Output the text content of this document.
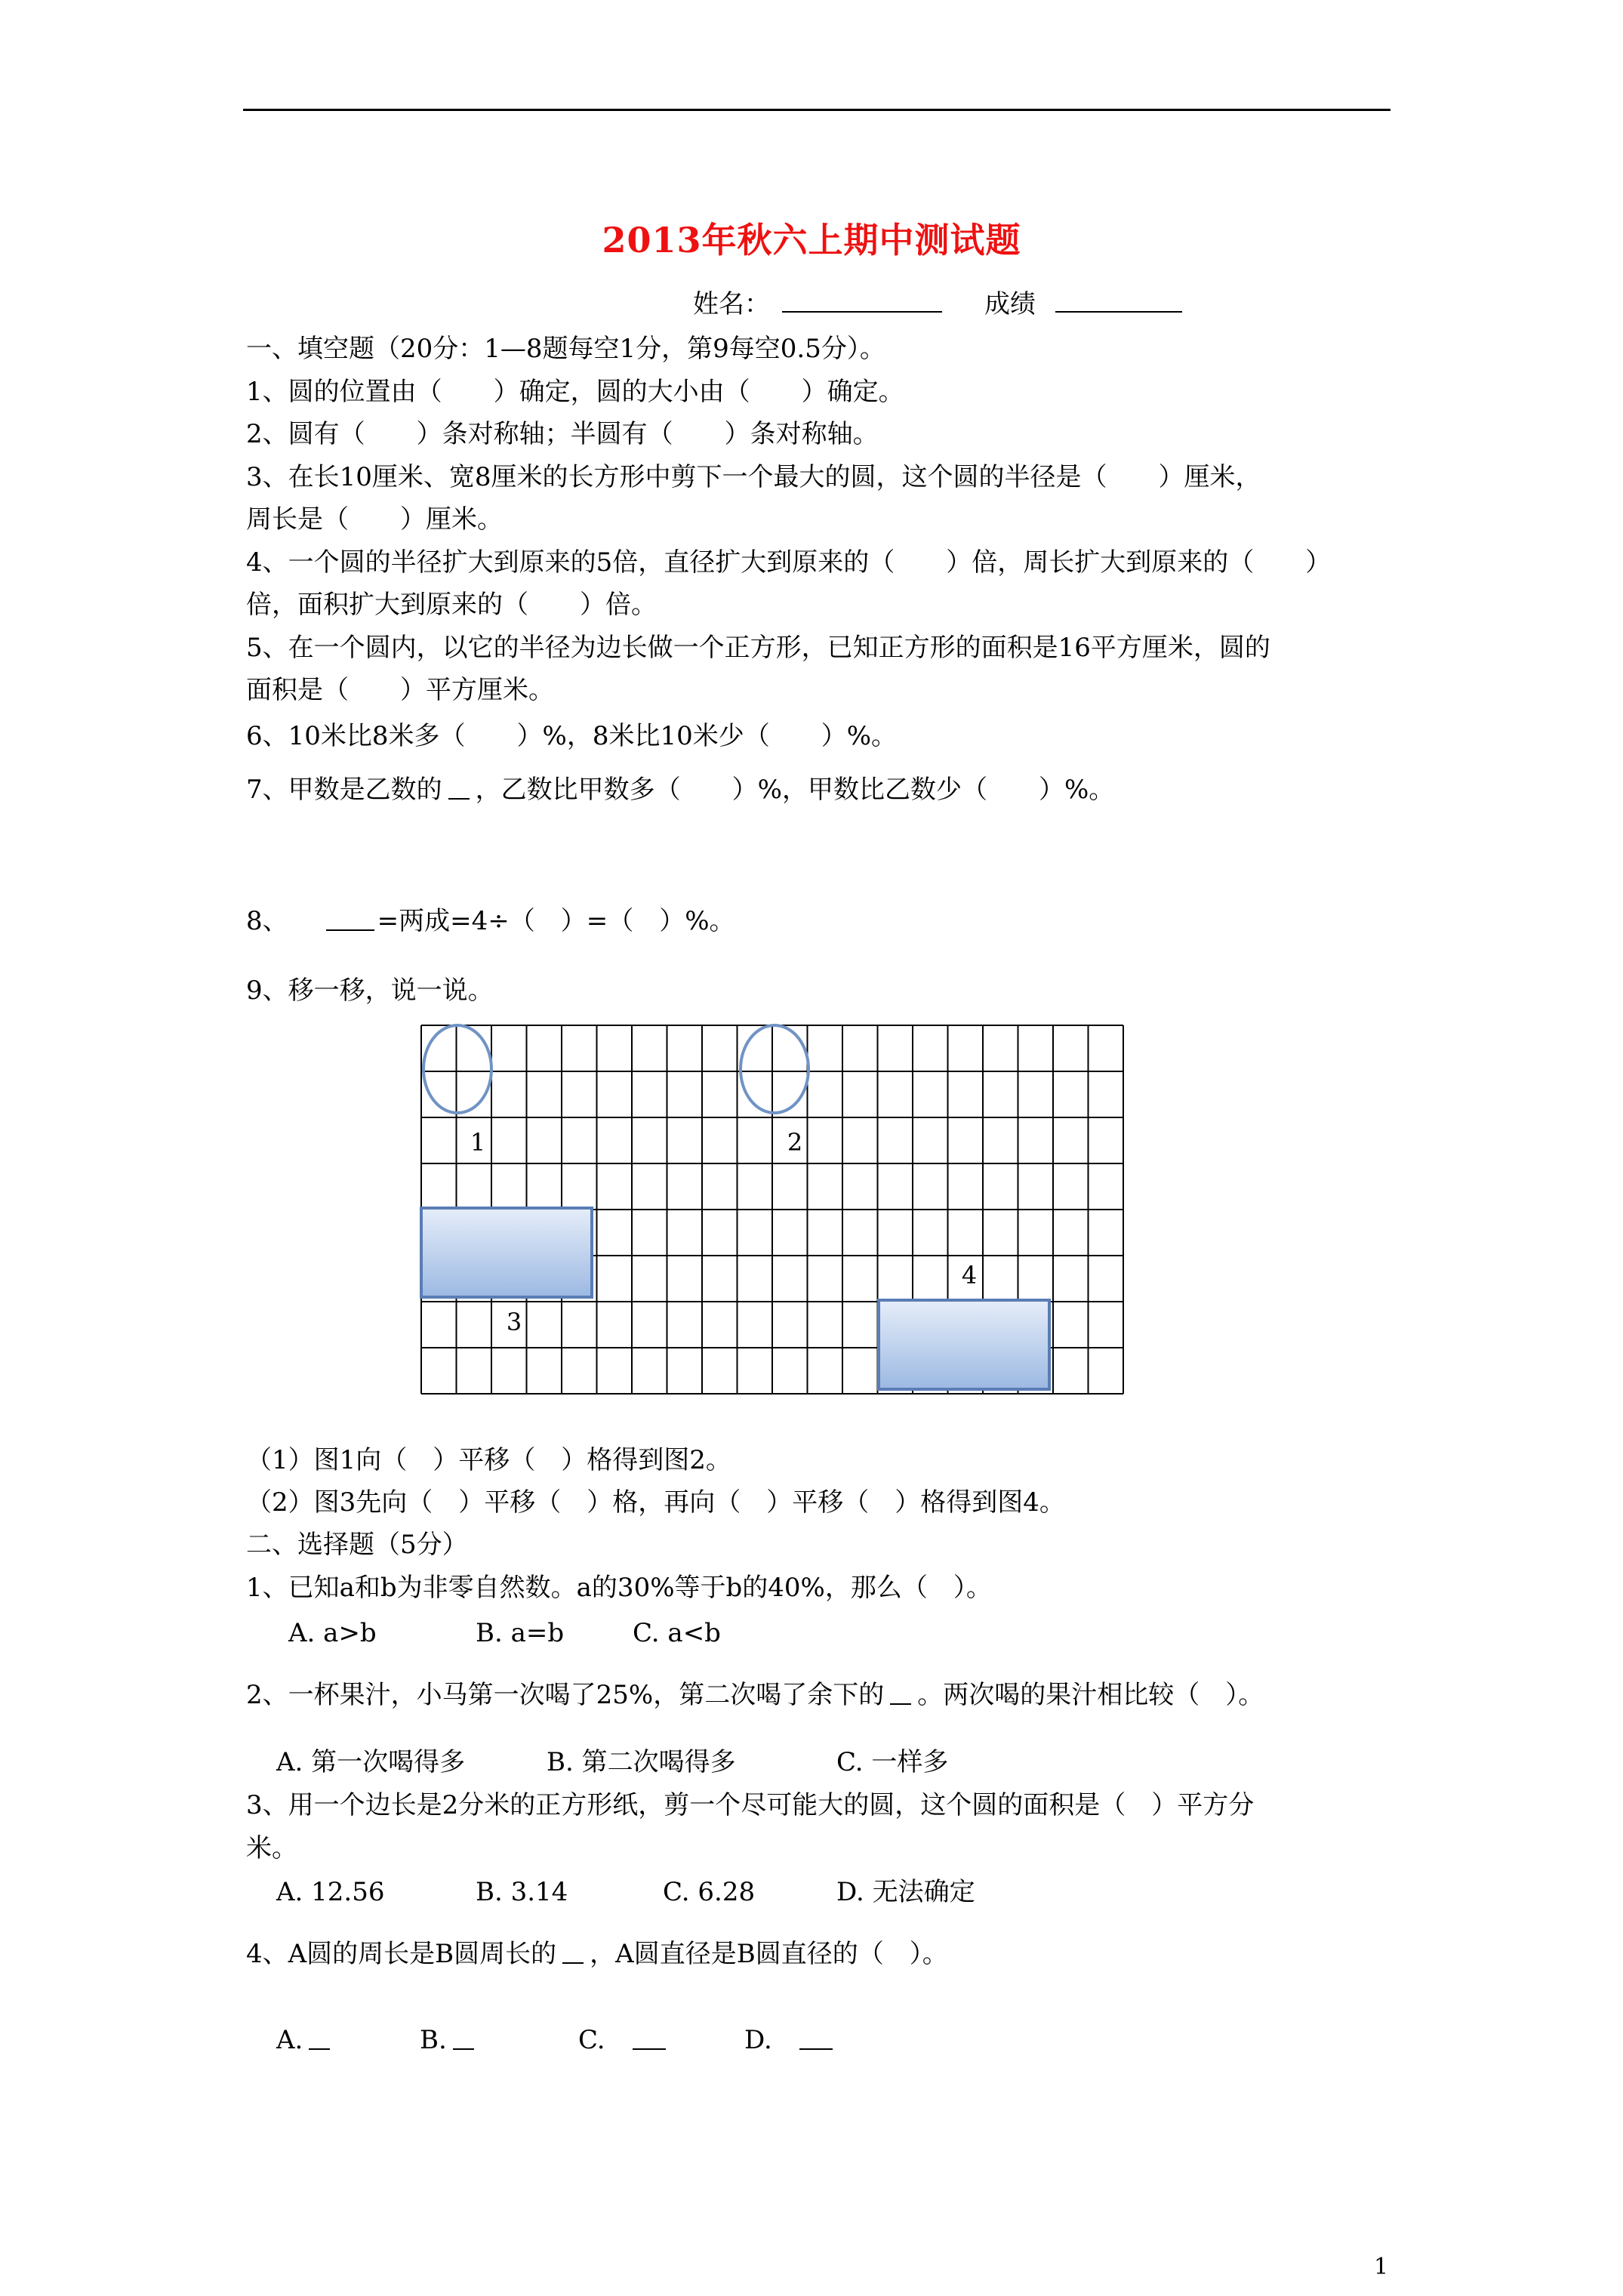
2013年秋六上期中测试题
姓名：	成绩
一、填空题（20分：1—8题每空1分，第9每空0.5分）。
1、圆的位置由（　　）确定，圆的大小由（　　）确定。
2、圆有（　　）条对称轴；半圆有（　　）条对称轴。
3、在长10厘米、宽8厘米的长方形中剪下一个最大的圆，这个圆的半径是（　　）厘米，
周长是（　　）厘米。
4、一个圆的半径扩大到原来的5倍，直径扩大到原来的（　　）倍，周长扩大到原来的（　　）
倍，面积扩大到原来的（　　）倍。
5、在一个圆内，以它的半径为边长做一个正方形，已知正方形的面积是16平方厘米，圆的
面积是（　　）平方厘米。
6、10米比8米多（　　）%，8米比10米少（　　）%。
7、甲数是乙数的 ，乙数比甲数多（　　）%，甲数比乙数少（　　）%。
8、	=两成=4÷（　）=（　）%。
9、移一移，说一说。
1	2
3
4
（1）图1向（　）平移（　）格得到图2。
（2）图3先向（　）平移（　）格，再向（　）平移（　）格得到图4。
二、选择题（5分）
1、已知a和b为非零自然数。a的30%等于b的40%，那么（　）。
A. a>b	B. a=b	C. a<b
2、一杯果汁，小马第一次喝了25%，第二次喝了余下的 。两次喝的果汁相比较（　）。
A. 第一次喝得多	B. 第二次喝得多	C. 一样多
3、用一个边长是2分米的正方形纸，剪一个尽可能大的圆，这个圆的面积是（　）平方分
米。
A. 12.56	B. 3.14	C. 6.28	D. 无法确定
4、A圆的周长是B圆周长的 ，A圆直径是B圆直径的（　）。
A.	B.	C.	D.
1
